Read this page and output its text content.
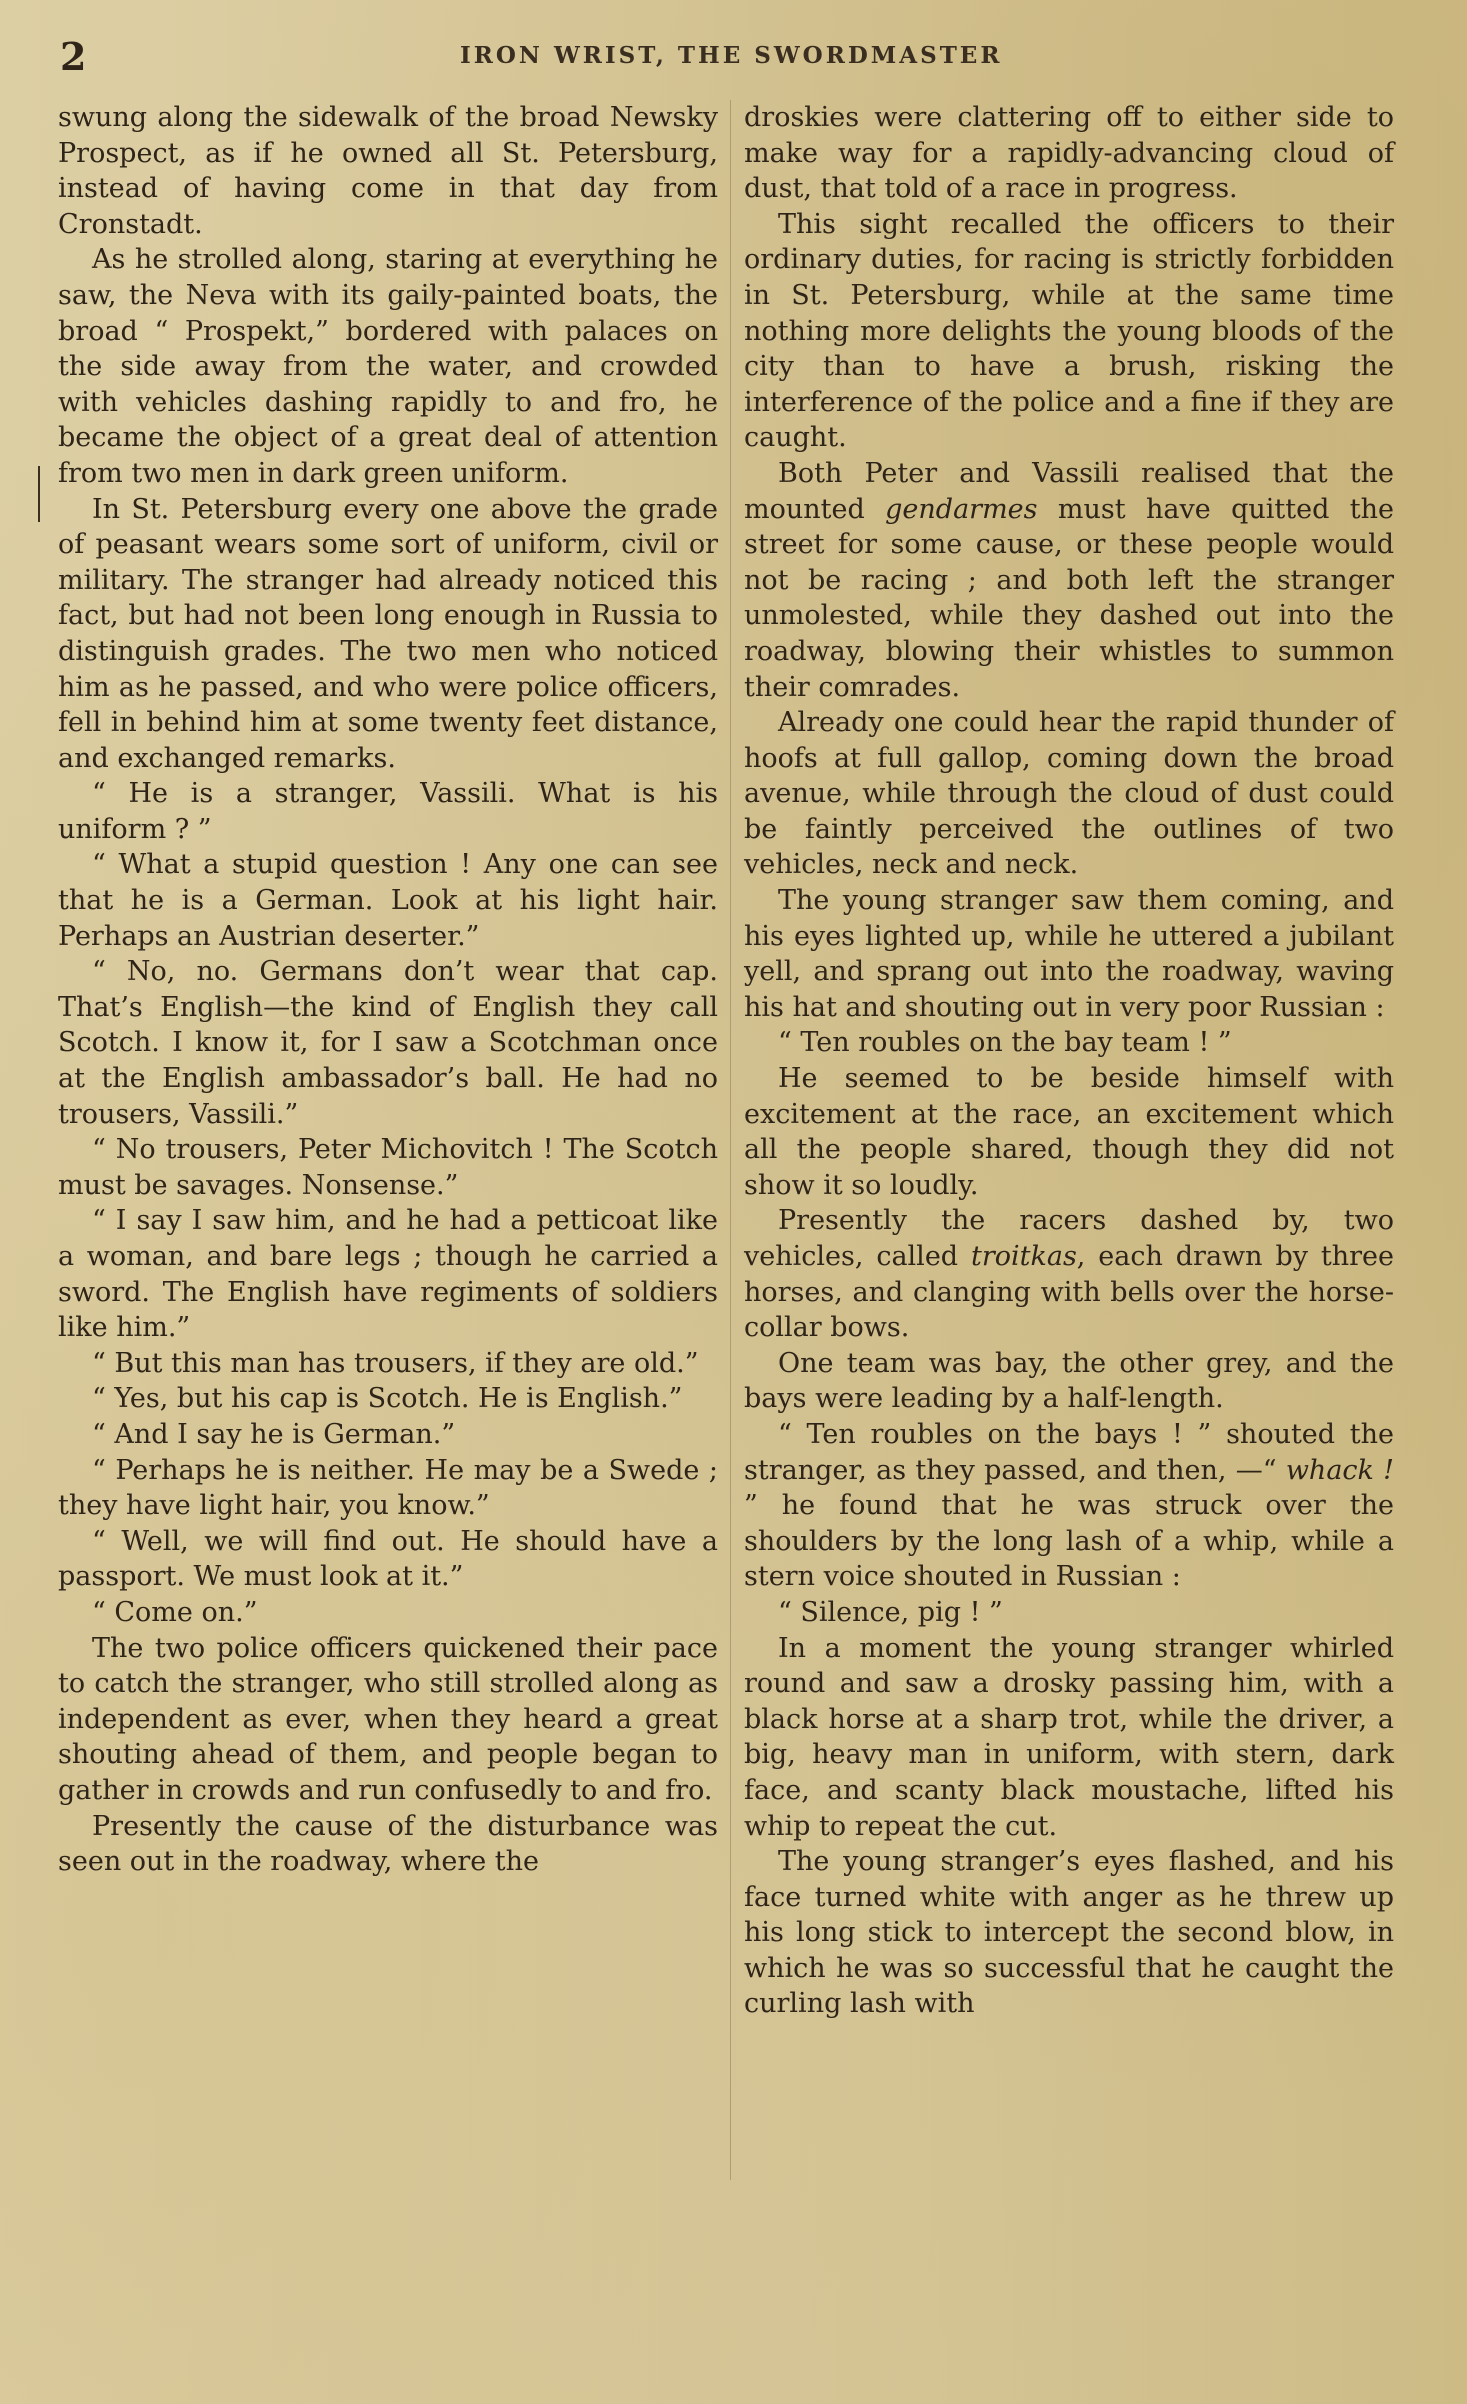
2	IRON WRIST, THE SWORDMASTER

swung along the sidewalk of the broad Newsky Prospect, as if he owned all St. Petersburg, instead of having come in that day from Cronstadt.

As he strolled along, staring at everything he saw, the Neva with its gaily-painted boats, the broad “ Prospekt,” bordered with palaces on the side away from the water, and crowded with vehicles dashing rapidly to and fro, he became the object of a great deal of attention from two men in dark green uniform.

In St. Petersburg every one above the grade of peasant wears some sort of uniform, civil or military. The stranger had already noticed this fact, but had not been long enough in Russia to distinguish grades. The two men who noticed him as he passed, and who were police officers, fell in behind him at some twenty feet distance, and exchanged remarks.

“ He is a stranger, Vassili. What is his uniform ? ”

“ What a stupid question ! Any one can see that he is a German. Look at his light hair. Perhaps an Austrian deserter.”

“ No, no. Germans don’t wear that cap. That’s English—the kind of English they call Scotch. I know it, for I saw a Scotchman once at the English ambassador’s ball. He had no trousers, Vassili.”

“ No trousers, Peter Michovitch ! The Scotch must be savages. Nonsense.”

“ I say I saw him, and he had a petticoat like a woman, and bare legs ; though he carried a sword. The English have regiments of soldiers like him.”

“ But this man has trousers, if they are old.”

“ Yes, but his cap is Scotch. He is English.”

“ And I say he is German.”

“ Perhaps he is neither. He may be a Swede ; they have light hair, you know.”

“ Well, we will find out. He should have a passport. We must look at it.”

“ Come on.”

The two police officers quickened their pace to catch the stranger, who still strolled along as independent as ever, when they heard a great shouting ahead of them, and people began to gather in crowds and run confusedly to and fro.

Presently the cause of the disturbance was seen out in the roadway, where the

droskies were clattering off to either side to make way for a rapidly-advancing cloud of dust, that told of a race in progress.

This sight recalled the officers to their ordinary duties, for racing is strictly forbidden in St. Petersburg, while at the same time nothing more delights the young bloods of the city than to have a brush, risking the interference of the police and a fine if they are caught.

Both Peter and Vassili realised that the mounted gendarmes must have quitted the street for some cause, or these people would not be racing ; and both left the stranger unmolested, while they dashed out into the roadway, blowing their whistles to summon their comrades.

Already one could hear the rapid thunder of hoofs at full gallop, coming down the broad avenue, while through the cloud of dust could be faintly perceived the outlines of two vehicles, neck and neck.

The young stranger saw them coming, and his eyes lighted up, while he uttered a jubilant yell, and sprang out into the roadway, waving his hat and shouting out in very poor Russian :

“ Ten roubles on the bay team ! ”

He seemed to be beside himself with excitement at the race, an excitement which all the people shared, though they did not show it so loudly.

Presently the racers dashed by, two vehicles, called troitkas, each drawn by three horses, and clanging with bells over the horse-collar bows.

One team was bay, the other grey, and the bays were leading by a half-length.

“ Ten roubles on the bays ! ” shouted the stranger, as they passed, and then, —“ whack ! ” he found that he was struck over the shoulders by the long lash of a whip, while a stern voice shouted in Russian :

“ Silence, pig ! ”

In a moment the young stranger whirled round and saw a drosky passing him, with a black horse at a sharp trot, while the driver, a big, heavy man in uniform, with stern, dark face, and scanty black moustache, lifted his whip to repeat the cut.

The young stranger’s eyes flashed, and his face turned white with anger as he threw up his long stick to intercept the second blow, in which he was so successful that he caught the curling lash with
